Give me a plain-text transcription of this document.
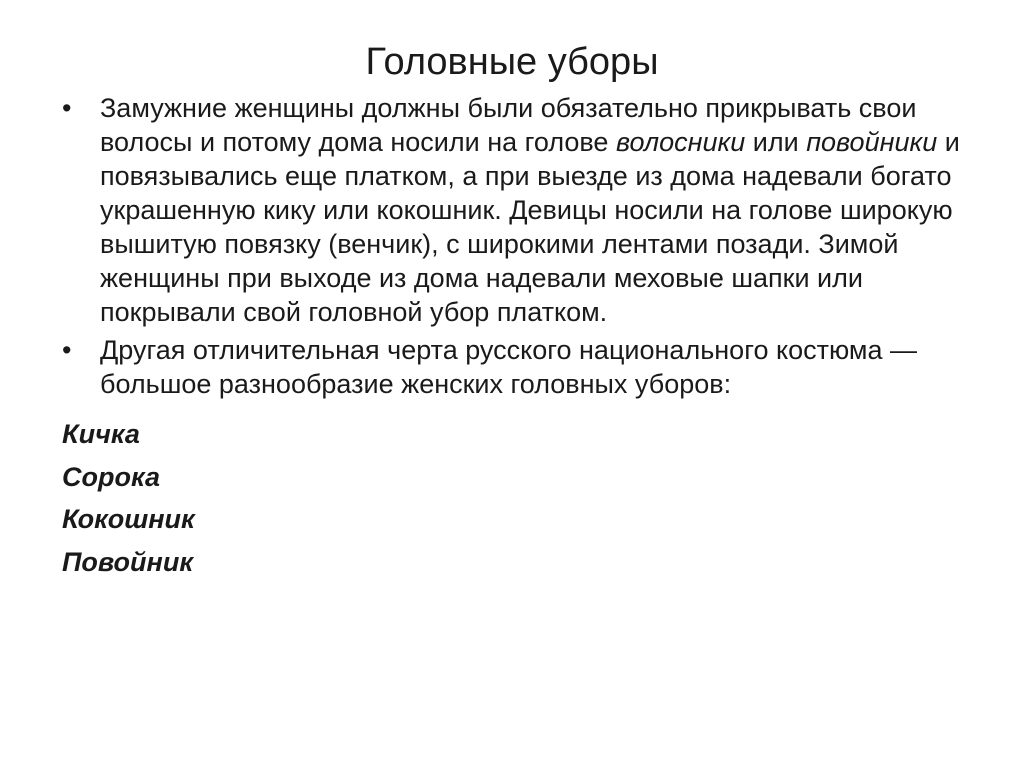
Головные уборы
•	Замужние женщины должны были обязательно прикрывать свои волосы и потому дома носили на голове волосники или повойники и повязывались еще платком, а при выезде из дома надевали богато украшенную кику или кокошник. Девицы носили на голове широкую вышитую повязку (венчик), с широкими лентами позади. Зимой женщины при выходе из дома надевали меховые шапки или покрывали свой головной убор платком.
•	Другая отличительная черта русского национального костюма — большое разнообразие женских головных уборов:
Кичка
Сорока
Кокошник
Повойник
